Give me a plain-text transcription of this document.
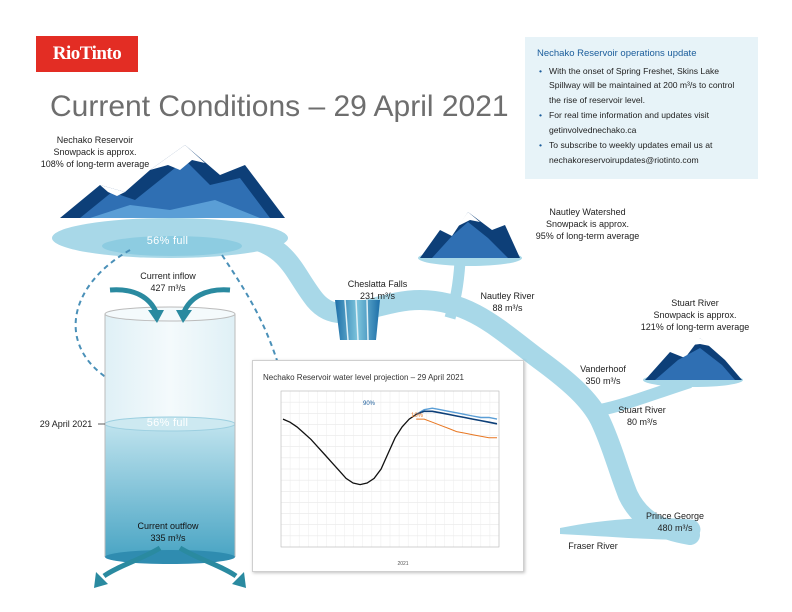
RioTinto
Current Conditions – 29 April 2021
Nechako Reservoir operations update
• With the onset of Spring Freshet, Skins Lake Spillway will be maintained at 200 m³/s to control the rise of reservoir level.
• For real time information and updates visit getinvolvednechako.ca
• To subscribe to weekly updates email us at nechakoreservoirupdates@riotinto.com
Nechako Reservoir
Snowpack is approx.
108% of long-term average
56% full
Current inflow
427 m³/s
29 April 2021	56% full
Current outflow
335 m³/s
Cheslatta Falls
231 m³/s
Nautley Watershed
Snowpack is approx.
95% of long-term average
Nautley River
88 m³/s	Stuart River
Snowpack is approx.
121% of long-term average
Vanderhoof
350 m³/s
Stuart River
80 m³/s
Prince George
480 m³/s
Fraser River
Nechako Reservoir water level projection – 29 April 2021
2021
90%
10%
